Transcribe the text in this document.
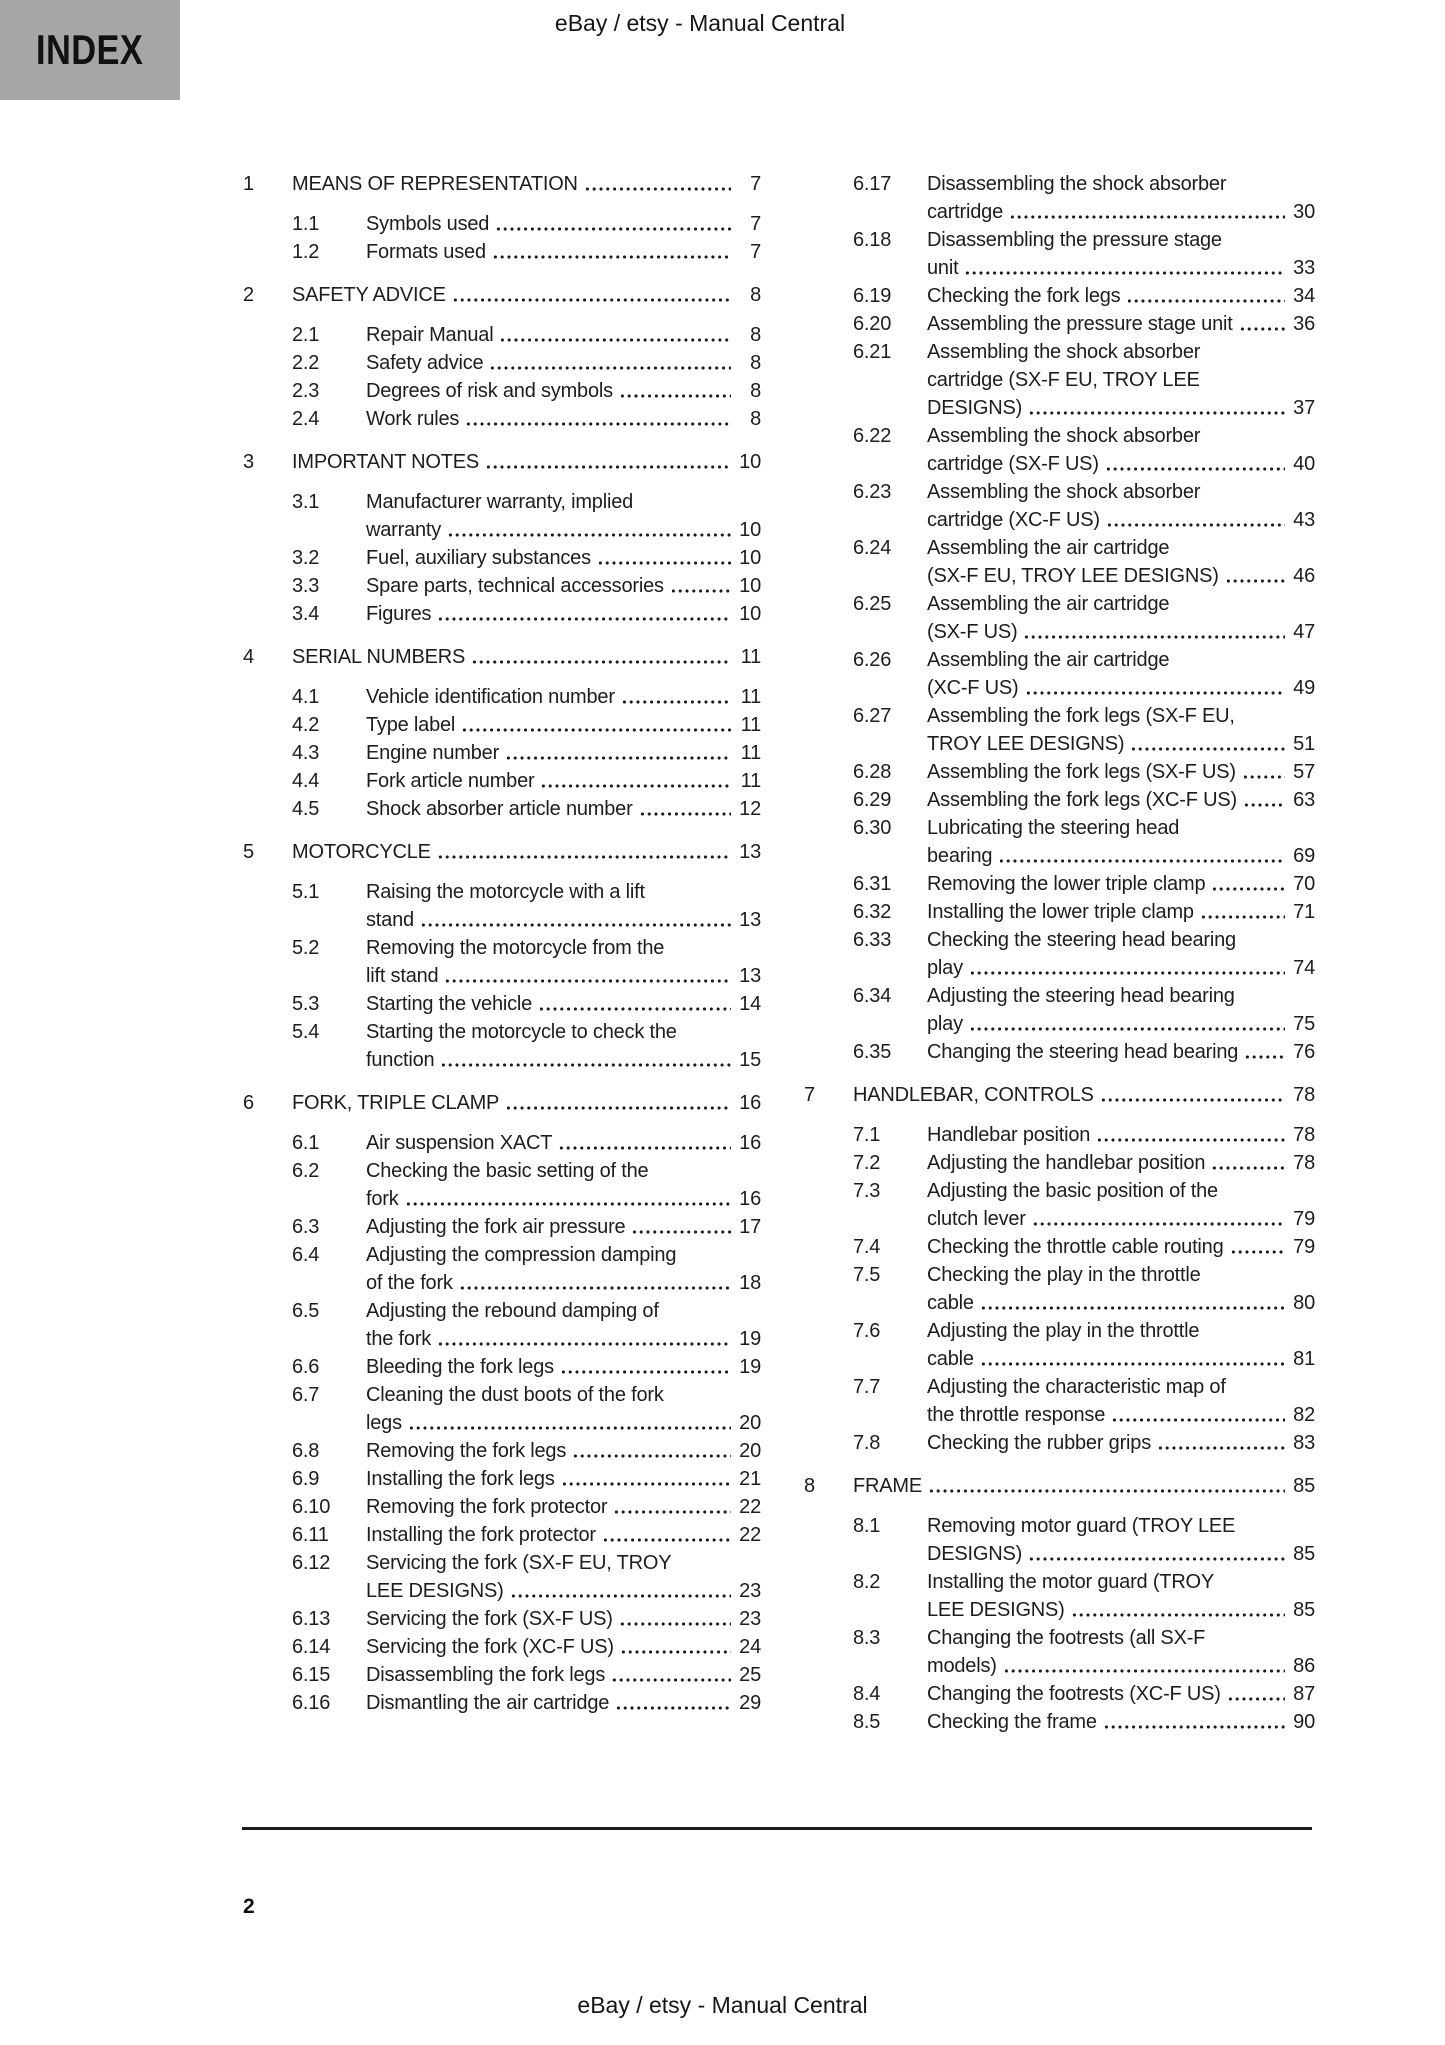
INDEX
eBay / etsy - Manual Central
1	MEANS OF REPRESENTATION	7
1.1	Symbols used	7
1.2	Formats used	7
2	SAFETY ADVICE	8
2.1	Repair Manual	8
2.2	Safety advice	8
2.3	Degrees of risk and symbols	8
2.4	Work rules	8
3	IMPORTANT NOTES	10
3.1	Manufacturer warranty, implied
warranty	10
3.2	Fuel, auxiliary substances	10
3.3	Spare parts, technical accessories	10
3.4	Figures	10
4	SERIAL NUMBERS	11
4.1	Vehicle identification number	11
4.2	Type label	11
4.3	Engine number	11
4.4	Fork article number	11
4.5	Shock absorber article number	12
5	MOTORCYCLE	13
5.1	Raising the motorcycle with a lift
stand	13
5.2	Removing the motorcycle from the
lift stand	13
5.3	Starting the vehicle	14
5.4	Starting the motorcycle to check the
function	15
6	FORK, TRIPLE CLAMP	16
6.1	Air suspension XACT	16
6.2	Checking the basic setting of the
fork	16
6.3	Adjusting the fork air pressure	17
6.4	Adjusting the compression damping
of the fork	18
6.5	Adjusting the rebound damping of
the fork	19
6.6	Bleeding the fork legs	19
6.7	Cleaning the dust boots of the fork
legs	20
6.8	Removing the fork legs	20
6.9	Installing the fork legs	21
6.10	Removing the fork protector	22
6.11	Installing the fork protector	22
6.12	Servicing the fork (SX-F EU, TROY
LEE DESIGNS)	23
6.13	Servicing the fork (SX-F US)	23
6.14	Servicing the fork (XC-F US)	24
6.15	Disassembling the fork legs	25
6.16	Dismantling the air cartridge	29
6.17	Disassembling the shock absorber
cartridge	30
6.18	Disassembling the pressure stage
unit	33
6.19	Checking the fork legs	34
6.20	Assembling the pressure stage unit	36
6.21	Assembling the shock absorber
cartridge (SX-F EU, TROY LEE
DESIGNS)	37
6.22	Assembling the shock absorber
cartridge (SX-F US)	40
6.23	Assembling the shock absorber
cartridge (XC-F US)	43
6.24	Assembling the air cartridge
(SX-F EU, TROY LEE DESIGNS)	46
6.25	Assembling the air cartridge
(SX-F US)	47
6.26	Assembling the air cartridge
(XC-F US)	49
6.27	Assembling the fork legs (SX-F EU,
TROY LEE DESIGNS)	51
6.28	Assembling the fork legs (SX-F US)	57
6.29	Assembling the fork legs (XC-F US)	63
6.30	Lubricating the steering head
bearing	69
6.31	Removing the lower triple clamp	70
6.32	Installing the lower triple clamp	71
6.33	Checking the steering head bearing
play	74
6.34	Adjusting the steering head bearing
play	75
6.35	Changing the steering head bearing	76
7	HANDLEBAR, CONTROLS	78
7.1	Handlebar position	78
7.2	Adjusting the handlebar position	78
7.3	Adjusting the basic position of the
clutch lever	79
7.4	Checking the throttle cable routing	79
7.5	Checking the play in the throttle
cable	80
7.6	Adjusting the play in the throttle
cable	81
7.7	Adjusting the characteristic map of
the throttle response	82
7.8	Checking the rubber grips	83
8	FRAME	85
8.1	Removing motor guard (TROY LEE
DESIGNS)	85
8.2	Installing the motor guard (TROY
LEE DESIGNS)	85
8.3	Changing the footrests (all SX-F
models)	86
8.4	Changing the footrests (XC-F US)	87
8.5	Checking the frame	90
2
eBay / etsy - Manual Central
